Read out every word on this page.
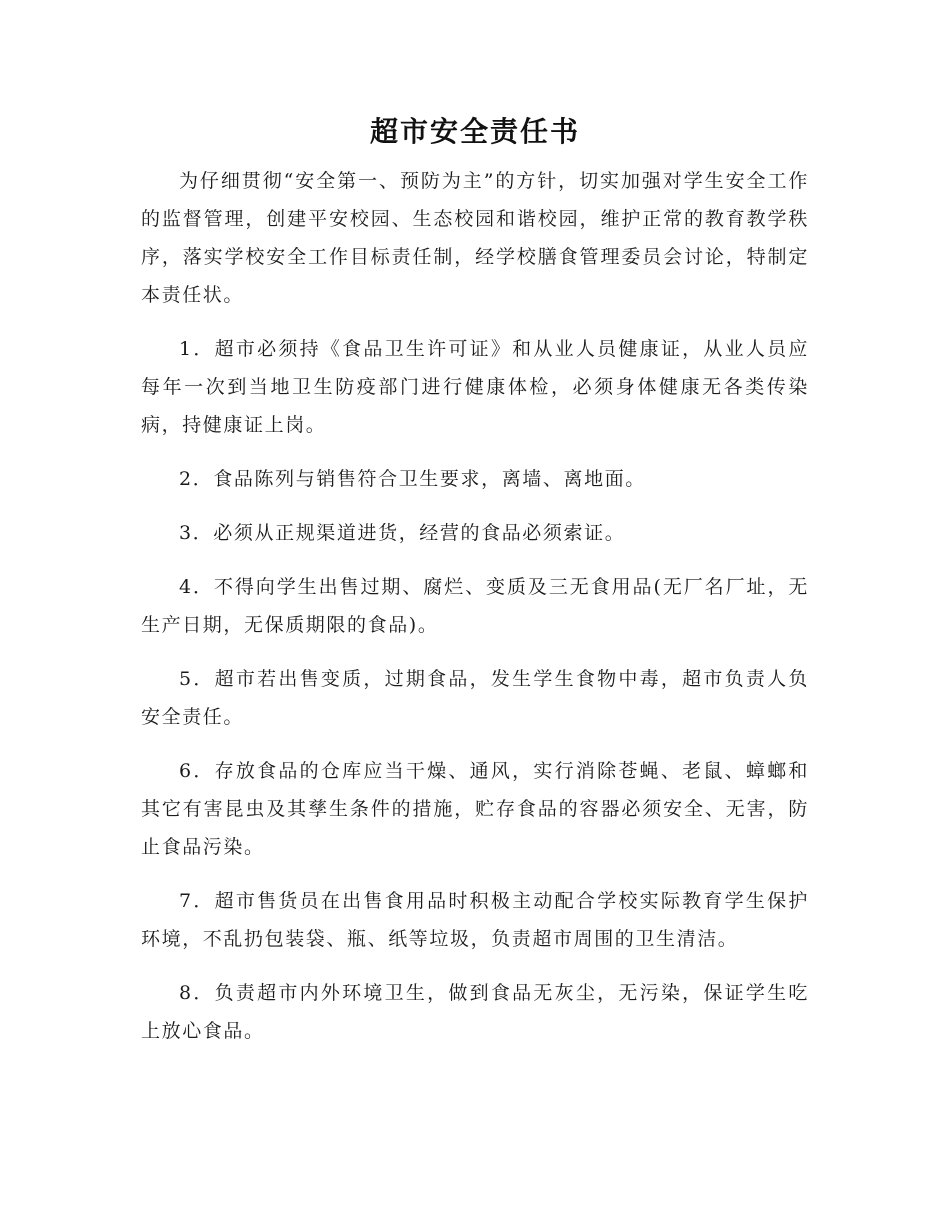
超市安全责任书

为仔细贯彻“安全第一、预防为主”的方针，切实加强对学生安全工作的监督管理，创建平安校园、生态校园和谐校园，维护正常的教育教学秩序，落实学校安全工作目标责任制，经学校膳食管理委员会讨论，特制定本责任状。

1．超市必须持《食品卫生许可证》和从业人员健康证，从业人员应每年一次到当地卫生防疫部门进行健康体检，必须身体健康无各类传染病，持健康证上岗。

2．食品陈列与销售符合卫生要求，离墙、离地面。

3．必须从正规渠道进货，经营的食品必须索证。

4．不得向学生出售过期、腐烂、变质及三无食用品(无厂名厂址，无生产日期，无保质期限的食品)。

5．超市若出售变质，过期食品，发生学生食物中毒，超市负责人负安全责任。

6．存放食品的仓库应当干燥、通风，实行消除苍蝇、老鼠、蟑螂和其它有害昆虫及其孳生条件的措施，贮存食品的容器必须安全、无害，防止食品污染。

7．超市售货员在出售食用品时积极主动配合学校实际教育学生保护环境，不乱扔包装袋、瓶、纸等垃圾，负责超市周围的卫生清洁。

8．负责超市内外环境卫生，做到食品无灰尘，无污染，保证学生吃上放心食品。
